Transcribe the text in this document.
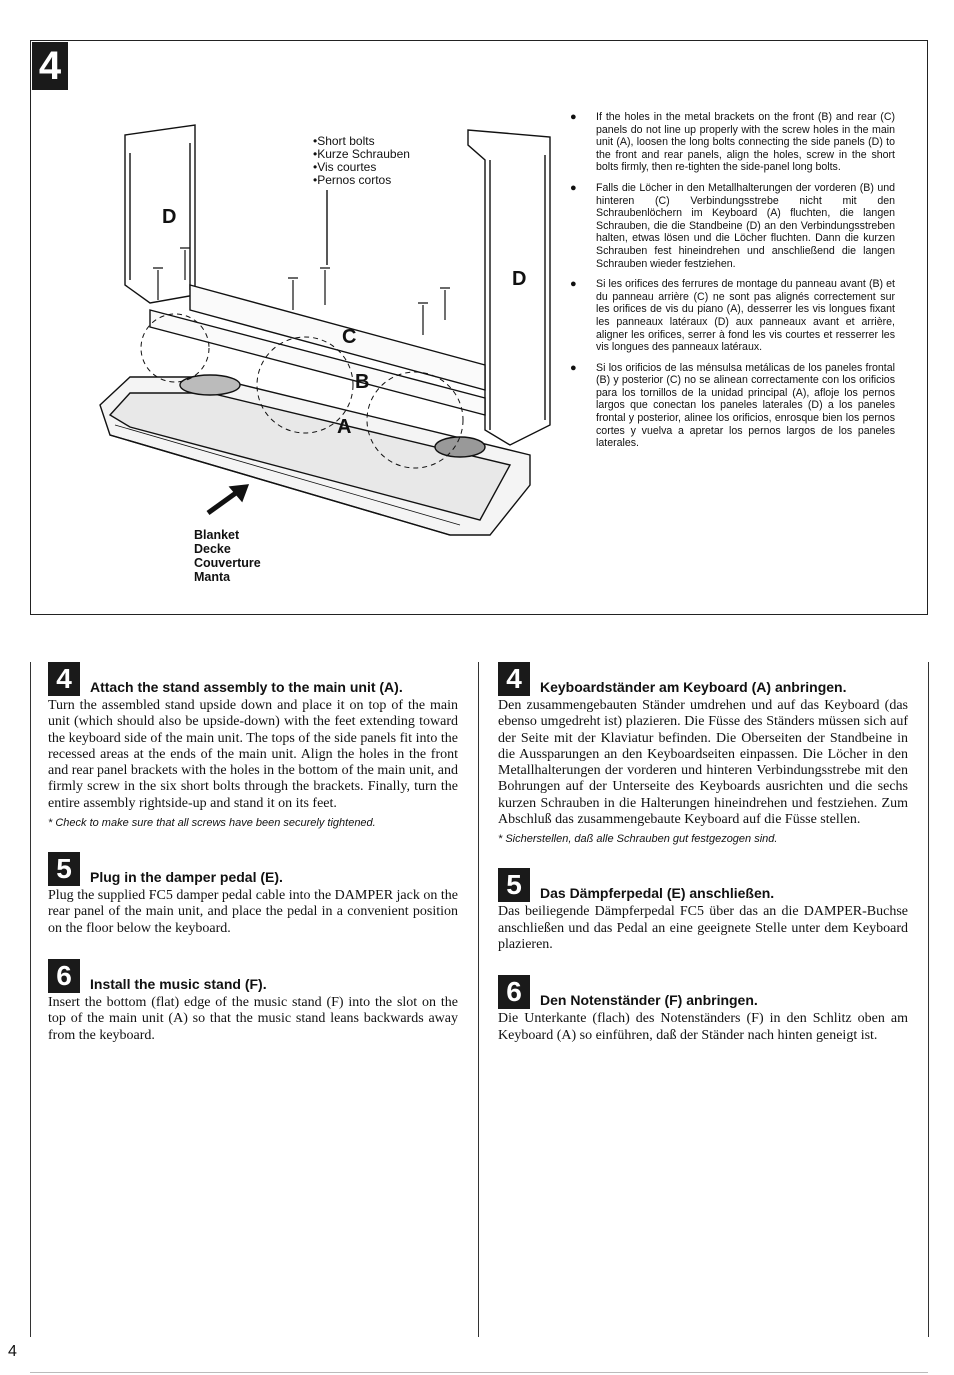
4
D
D
C
B
A
•Short bolts
•Kurze Schrauben
•Vis courtes
•Pernos cortos
Blanket
Decke
Couverture
Manta
● If the holes in the metal brackets on the front (B) and rear (C) panels do not line up properly with the screw holes in the main unit (A), loosen the long bolts connecting the side panels (D) to the front and rear panels, align the holes, screw in the short bolts firmly, then re-tighten the side-panel long bolts.
● Falls die Löcher in den Metallhalterungen der vorderen (B) und hinteren (C) Verbindungsstrebe nicht mit den Schraubenlöchern im Keyboard (A) fluchten, die langen Schrauben, die die Standbeine (D) an den Verbindungsstreben halten, etwas lösen und die Löcher fluchten. Dann die kurzen Schrauben fest hineindrehen und anschließend die langen Schrauben wieder festziehen.
● Si les orifices des ferrures de montage du panneau avant (B) et du panneau arrière (C) ne sont pas alignés correctement sur les orifices de vis du piano (A), desserrer les vis longues fixant les panneaux latéraux (D) aux panneaux avant et arrière, aligner les orifices, serrer à fond les vis courtes et resserrer les vis longues des panneaux latéraux.
● Si los orificios de las ménsulsa metálicas de los paneles frontal (B) y posterior (C) no se alinean correctamente con los orificios para los tornillos de la unidad principal (A), afloje los pernos largos que conectan los paneles laterales (D) a los paneles frontal y posterior, alinee los orificios, enrosque bien los pernos cortes y vuelva a apretar los pernos largos de los paneles laterales.
4	Attach the stand assembly to the main unit (A).

Turn the assembled stand upside down and place it on top of the main unit (which should also be upside-down) with the feet extending toward the keyboard side of the main unit. The tops of the side panels fit into the recessed areas at the ends of the main unit. Align the holes in the front and rear panel brackets with the holes in the bottom of the main unit, and firmly screw in the six short bolts through the brackets. Finally, turn the entire assembly rightside-up and stand it on its feet.

* Check to make sure that all screws have been securely tightened.
5	Plug in the damper pedal (E).

Plug the supplied FC5 damper pedal cable into the DAMPER jack on the rear panel of the main unit, and place the pedal in a convenient position on the floor below the keyboard.

6	Install the music stand (F).

Insert the bottom (flat) edge of the music stand (F) into the slot on the top of the main unit (A) so that the music stand leans backwards away from the keyboard.

4	Keyboardständer am Keyboard (A) anbringen.

Den zusammengebauten Ständer umdrehen und auf das Keyboard (das ebenso umgedreht ist) plazieren. Die Füsse des Ständers müssen sich auf der Seite mit der Klaviatur befinden. Die Oberseiten der Standbeine in die Aussparungen an den Keyboardseiten einpassen. Die Löcher in den Metallhalterungen der vorderen und hinteren Verbindungsstrebe mit den Bohrungen auf der Unterseite des Keyboards ausrichten und die sechs kurzen Schrauben in die Halterungen hineindrehen und festziehen. Zum Abschluß das zusammengebaute Keyboard auf die Füsse stellen.

* Sicherstellen, daß alle Schrauben gut festgezogen sind.
5	Das Dämpferpedal (E) anschließen.

Das beiliegende Dämpferpedal FC5 über das an die DAMPER-Buchse anschließen und das Pedal an eine geeignete Stelle unter dem Keyboard plazieren.

6	Den Notenständer (F) anbringen.

Die Unterkante (flach) des Notenständers (F) in den Schlitz oben am Keyboard (A) so einführen, daß der Ständer nach hinten geneigt ist.

4
